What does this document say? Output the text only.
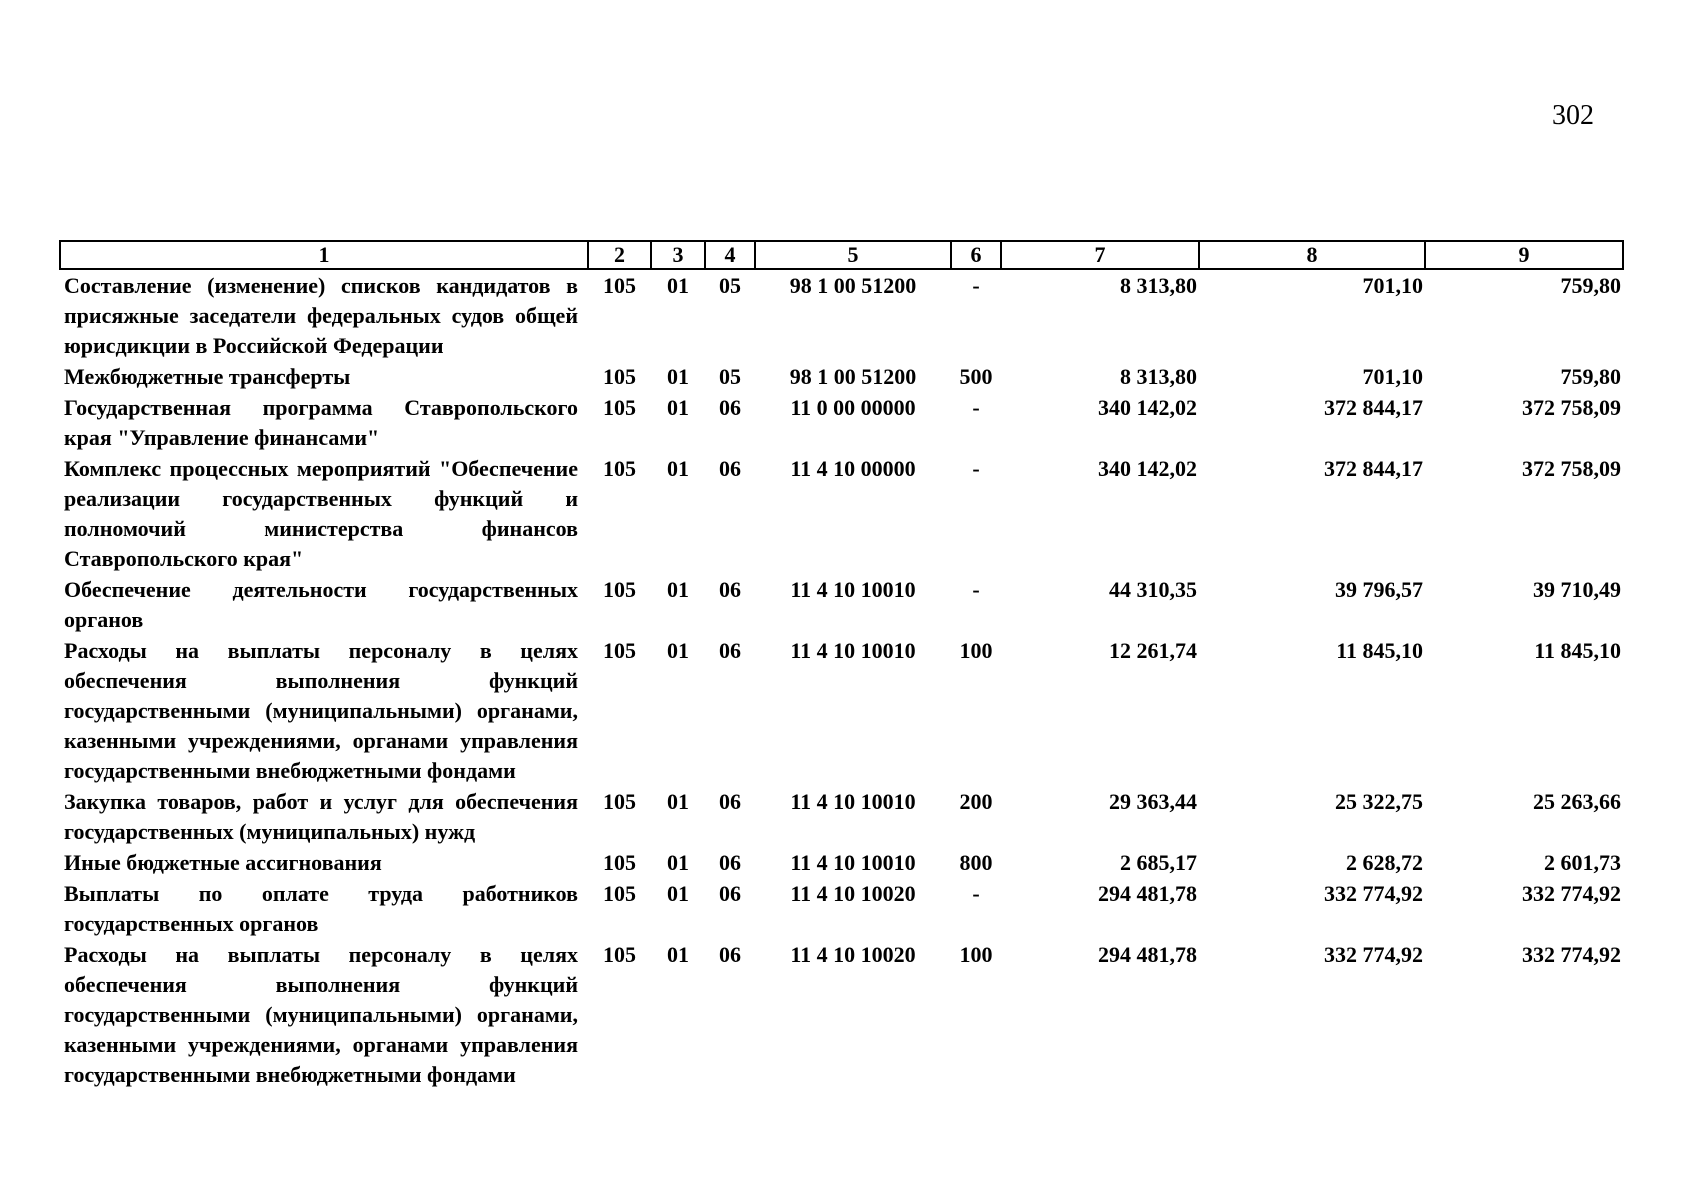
302
1	2	3	4	5	6	7	8	9
Составление (изменение) списков кандидатов в присяжные заседатели федеральных судов общей юрисдикции в Российской Федерации	105	01	05	98 1 00 51200	-	8 313,80	701,10	759,80
Межбюджетные трансферты	105	01	05	98 1 00 51200	500	8 313,80	701,10	759,80
Государственная программа Ставропольского края "Управление финансами"	105	01	06	11 0 00 00000	-	340 142,02	372 844,17	372 758,09
Комплекс процессных мероприятий "Обеспечение реализации государственных функций и полномочий министерства финансов Ставропольского края"	105	01	06	11 4 10 00000	-	340 142,02	372 844,17	372 758,09
Обеспечение деятельности государственных органов	105	01	06	11 4 10 10010	-	44 310,35	39 796,57	39 710,49
Расходы на выплаты персоналу в целях обеспечения выполнения функций государственными (муниципальными) органами, казенными учреждениями, органами управления государственными внебюджетными фондами	105	01	06	11 4 10 10010	100	12 261,74	11 845,10	11 845,10
Закупка товаров, работ и услуг для обеспечения государственных (муниципальных) нужд	105	01	06	11 4 10 10010	200	29 363,44	25 322,75	25 263,66
Иные бюджетные ассигнования	105	01	06	11 4 10 10010	800	2 685,17	2 628,72	2 601,73
Выплаты по оплате труда работников государственных органов	105	01	06	11 4 10 10020	-	294 481,78	332 774,92	332 774,92
Расходы на выплаты персоналу в целях обеспечения выполнения функций государственными (муниципальными) органами, казенными учреждениями, органами управления государственными внебюджетными фондами	105	01	06	11 4 10 10020	100	294 481,78	332 774,92	332 774,92
